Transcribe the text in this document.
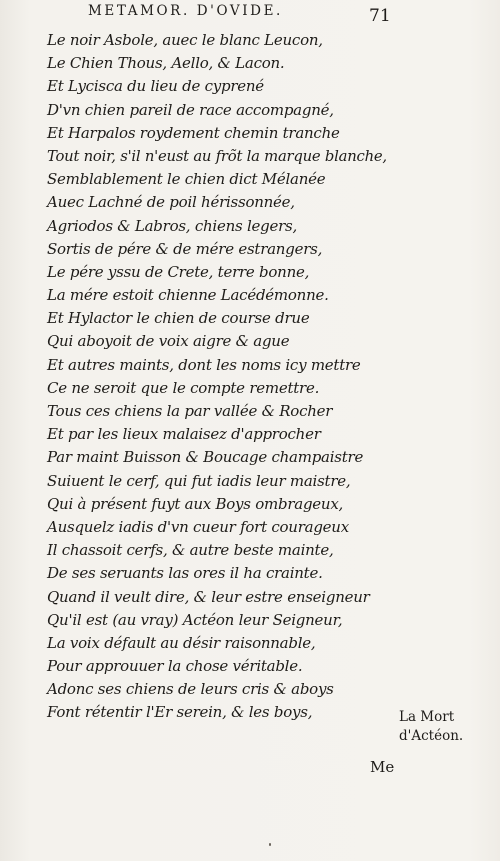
METAMOR. D'OVIDE.	71
Le noir Asbole, auec le blanc Leucon,
Le Chien Thous, Aello, & Lacon.
Et Lycisca du lieu de cyprené
D'vn chien pareil de race accompagné,
Et Harpalos roydement chemin tranche
Tout noir, s'il n'eust au frõt la marque blanche,
Semblablement le chien dict Mélanée
Auec Lachné de poil hérissonnée,
Agriodos & Labros, chiens legers,
Sortis de pére & de mére estrangers,
Le pére yssu de Crete, terre bonne,
La mére estoit chienne Lacédémonne.
Et Hylactor le chien de course drue
Qui aboyoit de voix aigre & ague
Et autres maints, dont les noms icy mettre
Ce ne seroit que le compte remettre.
Tous ces chiens la par vallée & Rocher
Et par les lieux malaisez d'approcher
Par maint Buisson & Boucage champaistre
Suiuent le cerf, qui fut iadis leur maistre,
Qui à présent fuyt aux Boys ombrageux,
Ausquelz iadis d'vn cueur fort courageux
Il chassoit cerfs, & autre beste mainte,
De ses seruants las ores il ha crainte.
Quand il veult dire, & leur estre enseigneur
Qu'il est (au vray) Actéon leur Seigneur,
La voix défault au désir raisonnable,
Pour approuuer la chose véritable.
Adonc ses chiens de leurs cris & aboys
Font rétentir l'Er serein, & les boys,	La Mort
d'Actéon.
Me
